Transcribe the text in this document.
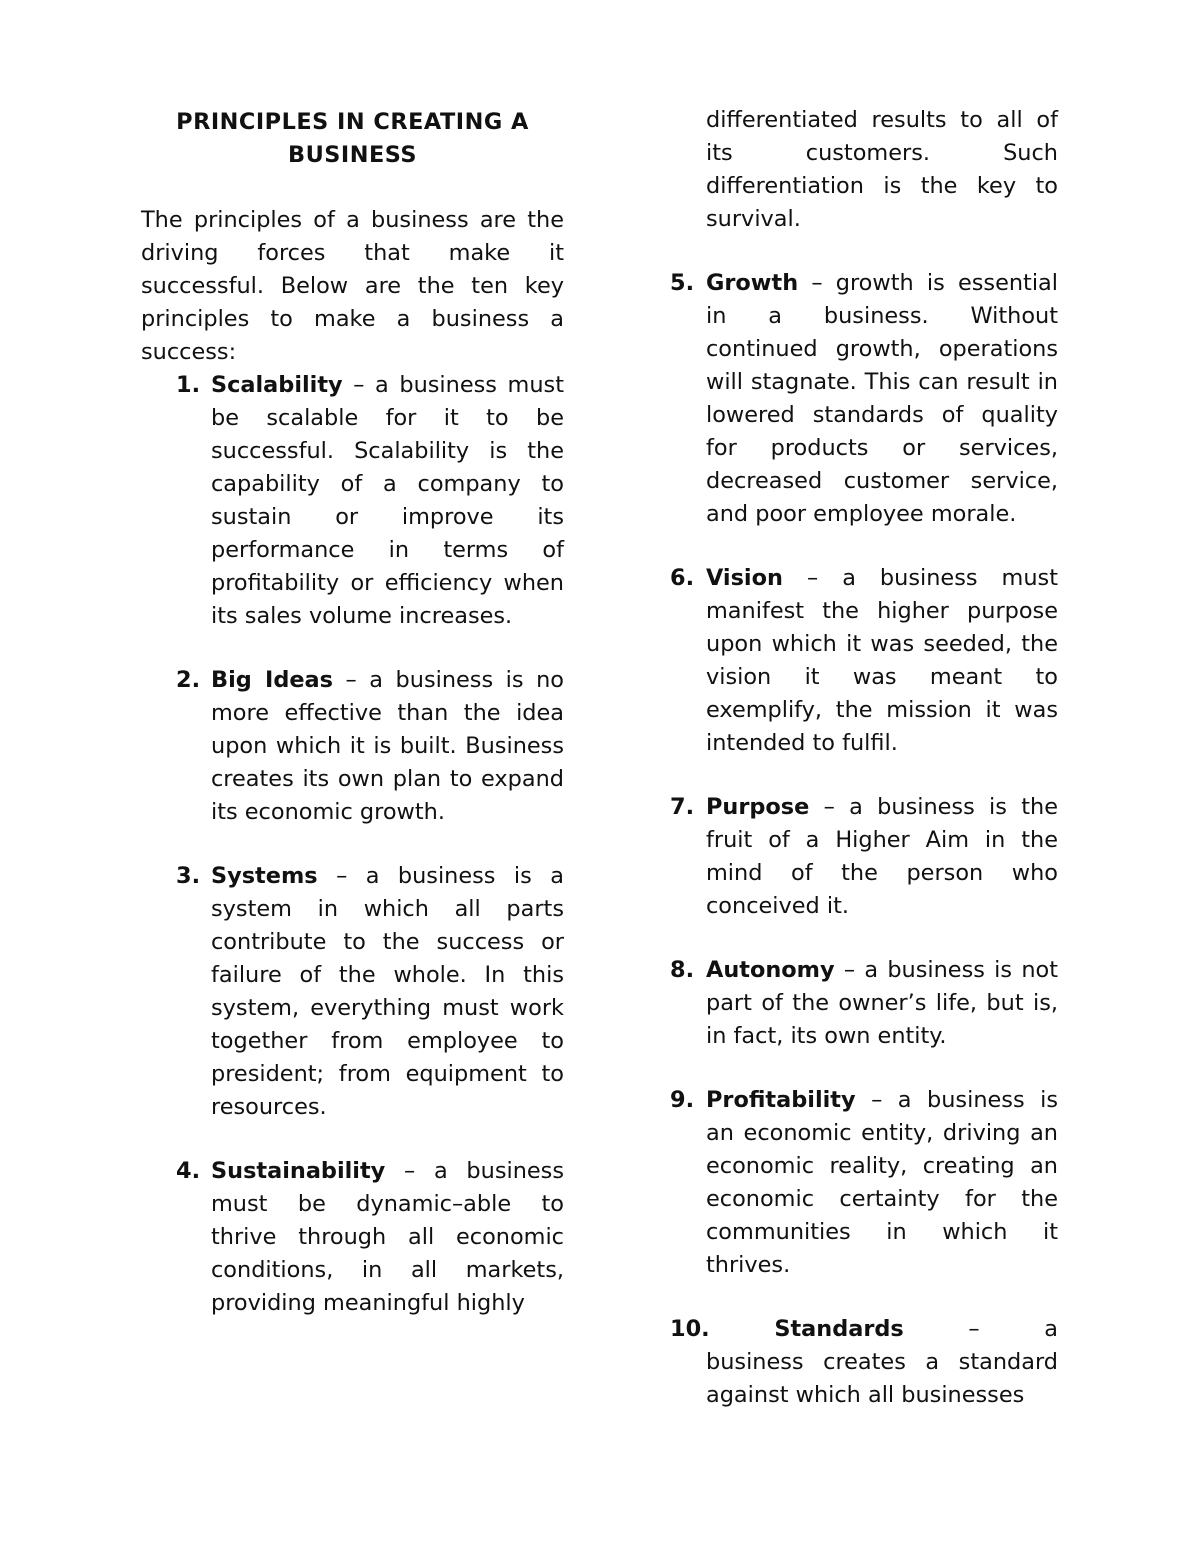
PRINCIPLES IN CREATING A
BUSINESS

The principles of a business are the driving forces that make it successful. Below are the ten key principles to make a business a success:

1. Scalability – a business must be scalable for it to be successful. Scalability is the capability of a company to sustain or improve its performance in terms of profitability or efficiency when its sales volume increases.
2. Big Ideas – a business is no more effective than the idea upon which it is built. Business creates its own plan to expand its economic growth.
3. Systems – a business is a system in which all parts contribute to the success or failure of the whole. In this system, everything must work together from employee to president; from equipment to resources.
4. Sustainability – a business must be dynamic–able to thrive through all economic conditions, in all markets, providing meaningful highly
differentiated results to all of its customers. Such differentiation is the key to survival.
5. Growth – growth is essential in a business. Without continued growth, operations will stagnate. This can result in lowered standards of quality for products or services, decreased customer service, and poor employee morale.
6. Vision – a business must manifest the higher purpose upon which it was seeded, the vision it was meant to exemplify, the mission it was intended to fulfil.
7. Purpose – a business is the fruit of a Higher Aim in the mind of the person who conceived it.
8. Autonomy – a business is not part of the owner’s life, but is, in fact, its own entity.
9. Profitability – a business is an economic entity, driving an economic reality, creating an economic certainty for the communities in which it thrives.
10.	Standards	–	a
business creates a standard against which all businesses
